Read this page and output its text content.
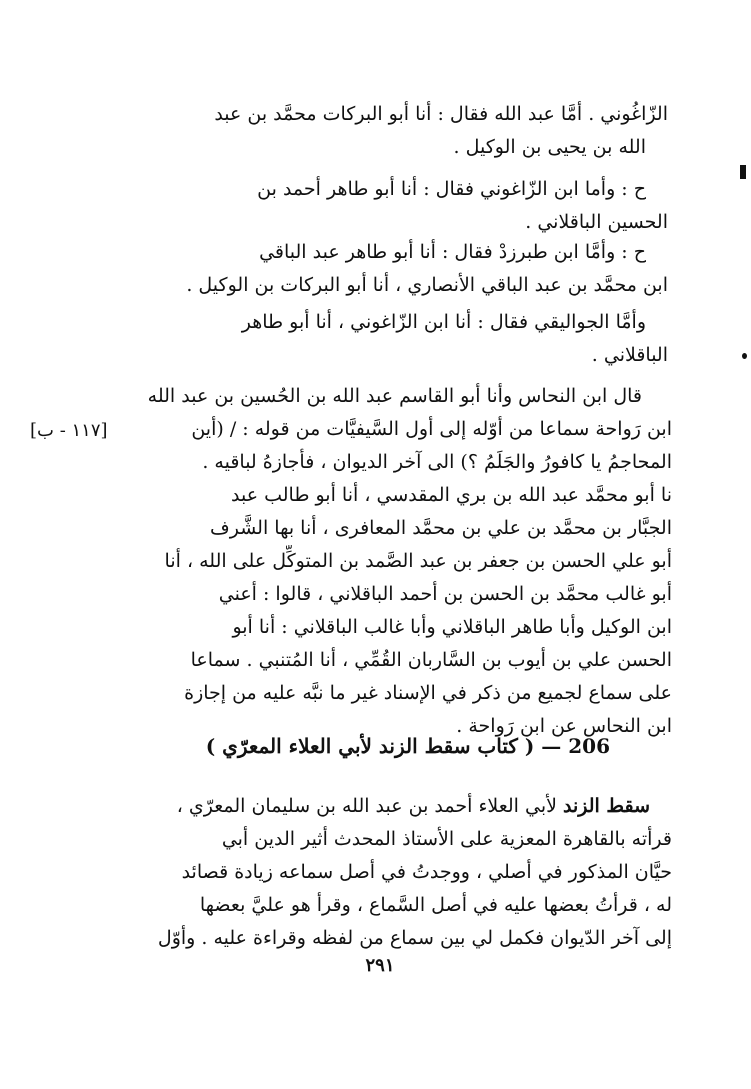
الزّاغُوني . أمَّا عبد الله فقال : أنا أبو البركات محمَّد بن عبد
الله بن يحيى بن الوكيل .
ح : وأما ابن الزّاغوني فقال : أنا أبو طاهر أحمد بن
الحسين الباقلاني .
ح : وأمَّا ابن طبرزدْ فقال : أنا أبو طاهر عبد الباقي
ابن محمَّد بن عبد الباقي الأنصاري ، أنا أبو البركات بن الوكيل .
وأمَّا الجواليقي فقال : أنا ابن الزّاغوني ، أنا أبو طاهر
الباقلاني .
قال ابن النحاس وأنا أبو القاسم عبد الله بن الحُسين بن عبد الله
ابن رَواحة سماعا من أوّله إلى أول السَّيفيَّات من قوله : / (أين
المحاجمُ يا كافورُ والجَلَمُ ؟) الى آخر الديوان ، فأجازهُ لباقيه .
نا أبو محمَّد عبد الله بن بري المقدسي ، أنا أبو طالب عبد
الجبَّار بن محمَّد بن علي بن محمَّد المعافرى ، أنا بها الشَّرف
أبو علي الحسن بن جعفر بن عبد الصَّمد بن المتوكِّل على الله ، أنا
أبو غالب محمَّد بن الحسن بن أحمد الباقلاني ، قالوا : أعني
ابن الوكيل وأبا طاهر الباقلاني وأبا غالب الباقلاني : أنا أبو
الحسن علي بن أيوب بن السَّاربان القُمِّي ، أنا المُتنبي . سماعا
على سماع لجميع من ذكر في الإسناد غير ما نبَّه عليه من إجازة
ابن النحاس عن ابن رَواحة .
[١١٧ - ب]
206 — ( كتاب سقط الزند لأبي العلاء المعرّي )
سقط الزند لأبي العلاء أحمد بن عبد الله بن سليمان المعرّي ،
قرأته بالقاهرة المعزية على الأستاذ المحدث أثير الدين أبي
حيَّان المذكور في أصلي ، ووجدتُ في أصل سماعه زيادة قصائد
له ، قرأتُ بعضها عليه في أصل السَّماع ، وقرأ هو عليَّ بعضها
إلى آخر الدّيوان فكمل لي بين سماع من لفظه وقراءة عليه . وأوّل
٢٩١
